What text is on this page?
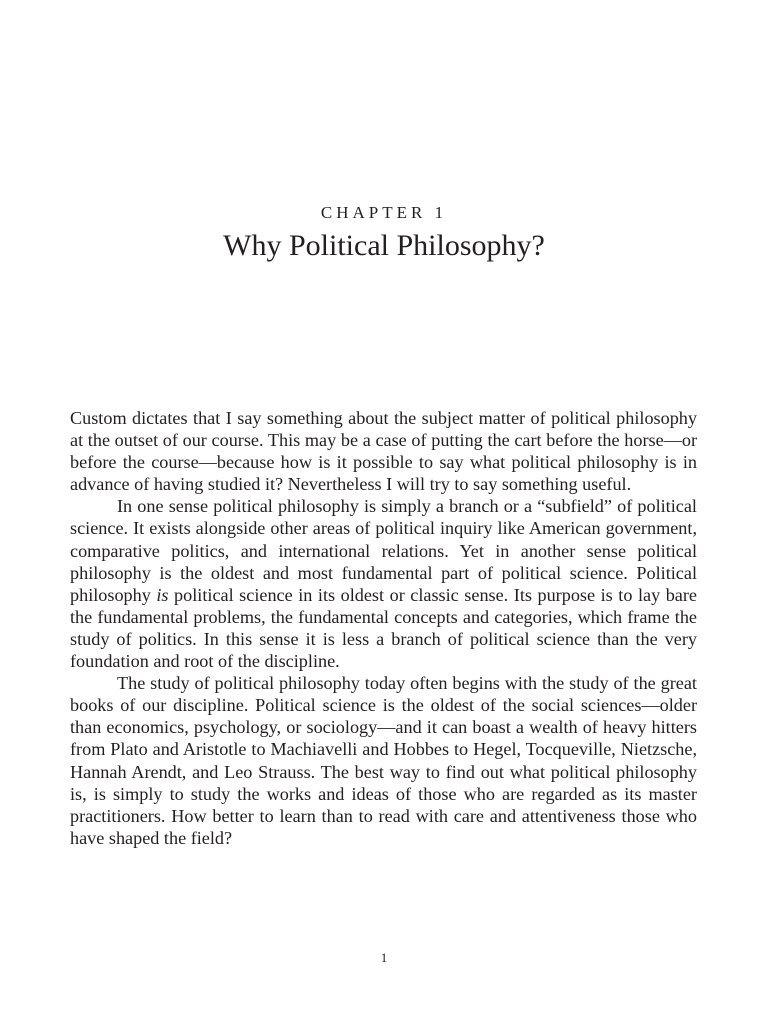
CHAPTER 1
Why Political Philosophy?

Custom dictates that I say something about the subject matter of political philosophy at the outset of our course. This may be a case of putting the cart before the horse—or before the course—because how is it possible to say what political philosophy is in advance of having studied it? Nevertheless I will try to say something useful.

In one sense political philosophy is simply a branch or a “subfield” of political science. It exists alongside other areas of political inquiry like American government, comparative politics, and international relations. Yet in another sense political philosophy is the oldest and most fundamental part of political science. Political philosophy is political science in its oldest or classic sense. Its purpose is to lay bare the fundamental problems, the fundamental concepts and categories, which frame the study of politics. In this sense it is less a branch of political science than the very foundation and root of the discipline.

The study of political philosophy today often begins with the study of the great books of our discipline. Political science is the oldest of the social sciences—older than economics, psychology, or sociology—and it can boast a wealth of heavy hitters from Plato and Aristotle to Machiavelli and Hobbes to Hegel, Tocqueville, Nietzsche, Hannah Arendt, and Leo Strauss. The best way to find out what political philosophy is, is simply to study the works and ideas of those who are regarded as its master practitioners. How better to learn than to read with care and attentiveness those who have shaped the field?

1
